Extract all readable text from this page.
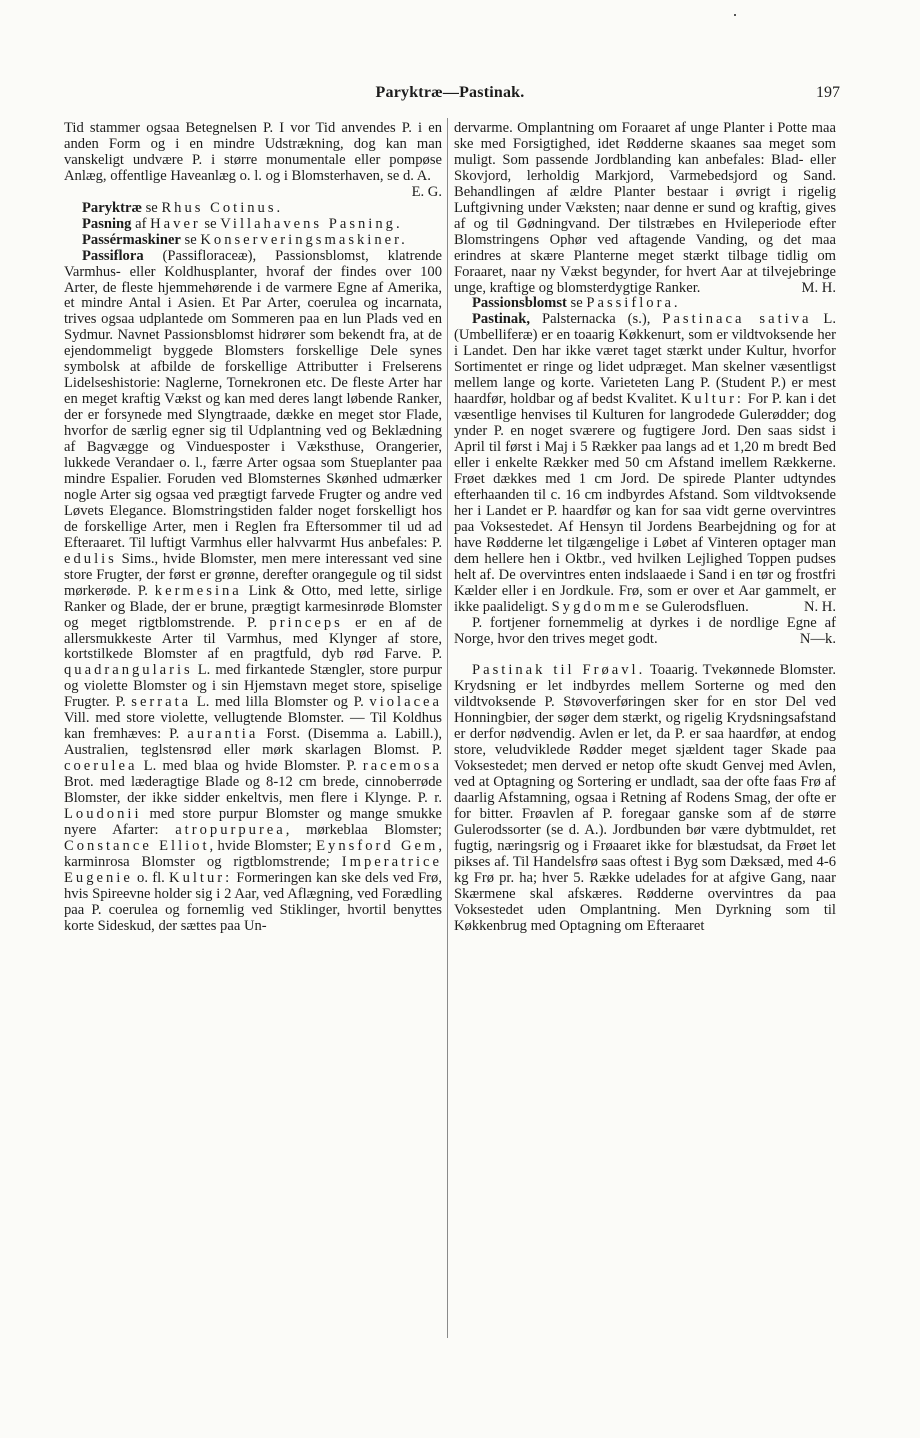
Paryktræ—Pastinak.	197

Tid stammer ogsaa Betegnelsen P. I vor Tid anvendes P. i en anden Form og i en mindre Udstrækning, dog kan man vanskeligt undvære P. i større monumentale eller pompøse Anlæg, offentlige Haveanlæg o. l. og i Blomsterhaven, se d. A.
E. G.

Paryktræ se Rhus Cotinus.

Pasning af Haver se Villahavens Pasning.

Passérmaskiner se Konserveringsmaskiner.

Passiflora (Passifloraceæ), Passionsblomst, klatrende Varmhus- eller Koldhusplanter, hvoraf der findes over 100 Arter, de fleste hjemmehørende i de varmere Egne af Amerika, et mindre Antal i Asien. Et Par Arter, coerulea og incarnata, trives ogsaa udplantede om Sommeren paa en lun Plads ved en Sydmur. Navnet Passionsblomst hidrører som bekendt fra, at de ejendommeligt byggede Blomsters forskellige Dele synes symbolsk at afbilde de forskellige Attributter i Frelserens Lidelseshistorie: Naglerne, Tornekronen etc. De fleste Arter har en meget kraftig Vækst og kan med deres langt løbende Ranker, der er forsynede med Slyngtraade, dække en meget stor Flade, hvorfor de særlig egner sig til Udplantning ved og Beklædning af Bagvægge og Vinduesposter i Væksthuse, Orangerier, lukkede Verandaer o. l., færre Arter ogsaa som Stueplanter paa mindre Espalier. Foruden ved Blomsternes Skønhed udmærker nogle Arter sig ogsaa ved prægtigt farvede Frugter og andre ved Løvets Elegance. Blomstringstiden falder noget forskelligt hos de forskellige Arter, men i Reglen fra Eftersommer til ud ad Efteraaret. Til luftigt Varmhus eller halvvarmt Hus anbefales: P. edulis Sims., hvide Blomster, men mere interessant ved sine store Frugter, der først er grønne, derefter orangegule og til sidst mørkerøde. P. kermesina Link & Otto, med lette, sirlige Ranker og Blade, der er brune, prægtigt karmesinrøde Blomster og meget rigtblomstrende. P. princeps er en af de allersmukkeste Arter til Varmhus, med Klynger af store, kortstilkede Blomster af en pragtfuld, dyb rød Farve. P. quadrangularis L. med firkantede Stængler, store purpur og violette Blomster og i sin Hjemstavn meget store, spiselige Frugter. P. serrata L. med lilla Blomster og P. violacea Vill. med store violette, vellugtende Blomster. — Til Koldhus kan fremhæves: P. aurantia Forst. (Disemma a. Labill.), Australien, teglstensrød eller mørk skarlagen Blomst. P. coerulea L. med blaa og hvide Blomster. P. racemosa Brot. med læderagtige Blade og 8-12 cm brede, cinnoberrøde Blomster, der ikke sidder enkeltvis, men flere i Klynge. P. r. Loudonii med store purpur Blomster og mange smukke nyere Afarter: atropurpurea, mørkeblaa Blomster; Constance Elliot, hvide Blomster; Eynsford Gem, karminrosa Blomster og rigtblomstrende; Imperatrice Eugenie o. fl. Kultur: Formeringen kan ske dels ved Frø, hvis Spireevne holder sig i 2 Aar, ved Aflægning, ved Forædling paa P. coerulea og fornemlig ved Stiklinger, hvortil benyttes korte Sideskud, der sættes paa Un-

dervarme. Omplantning om Foraaret af unge Planter i Potte maa ske med Forsigtighed, idet Rødderne skaanes saa meget som muligt. Som passende Jordblanding kan anbefales: Blad- eller Skovjord, lerholdig Markjord, Varmebedsjord og Sand. Behandlingen af ældre Planter bestaar i øvrigt i rigelig Luftgivning under Væksten; naar denne er sund og kraftig, gives af og til Gødningvand. Der tilstræbes en Hvileperiode efter Blomstringens Ophør ved aftagende Vanding, og det maa erindres at skære Planterne meget stærkt tilbage tidlig om Foraaret, naar ny Vækst begynder, for hvert Aar at tilvejebringe unge, kraftige og blomsterdygtige Ranker.	M. H.

Passionsblomst se Passiflora.

Pastinak, Palsternacka (s.), Pastinaca sativa L. (Umbelliferæ) er en toaarig Køkkenurt, som er vildtvoksende her i Landet. Den har ikke været taget stærkt under Kultur, hvorfor Sortimentet er ringe og lidet udpræget. Man skelner væsentligst mellem lange og korte. Varieteten Lang P. (Student P.) er mest haardfør, holdbar og af bedst Kvalitet. Kultur: For P. kan i det væsentlige henvises til Kulturen for langrodede Gulerødder; dog ynder P. en noget sværere og fugtigere Jord. Den saas sidst i April til først i Maj i 5 Rækker paa langs ad et 1,20 m bredt Bed eller i enkelte Rækker med 50 cm Afstand imellem Rækkerne. Frøet dækkes med 1 cm Jord. De spirede Planter udtyndes efterhaanden til c. 16 cm indbyrdes Afstand. Som vildtvoksende her i Landet er P. haardfør og kan for saa vidt gerne overvintres paa Voksestedet. Af Hensyn til Jordens Bearbejdning og for at have Rødderne let tilgængelige i Løbet af Vinteren optager man dem hellere hen i Oktbr., ved hvilken Lejlighed Toppen pudses helt af. De overvintres enten indslaaede i Sand i en tør og frostfri Kælder eller i en Jordkule. Frø, som er over et Aar gammelt, er ikke paalideligt. Sygdomme se Gulerodsfluen.	N. H.

P. fortjener fornemmelig at dyrkes i de nordlige Egne af Norge, hvor den trives meget godt.	N—k.

Pastinak til Frøavl. Toaarig. Tvekønnede Blomster. Krydsning er let indbyrdes mellem Sorterne og med den vildtvoksende P. Støvoverføringen sker for en stor Del ved Honningbier, der søger dem stærkt, og rigelig Krydsningsafstand er derfor nødvendig. Avlen er let, da P. er saa haardfør, at endog store, veludviklede Rødder meget sjældent tager Skade paa Voksestedet; men derved er netop ofte skudt Genvej med Avlen, ved at Optagning og Sortering er undladt, saa der ofte faas Frø af daarlig Afstamning, ogsaa i Retning af Rodens Smag, der ofte er for bitter. Frøavlen af P. foregaar ganske som af de større Gulerodssorter (se d. A.). Jordbunden bør være dybtmuldet, ret fugtig, næringsrig og i Frøaaret ikke for blæstudsat, da Frøet let pikses af. Til Handelsfrø saas oftest i Byg som Dæksæd, med 4-6 kg Frø pr. ha; hver 5. Række udelades for at afgive Gang, naar Skærmene skal afskæres. Rødderne overvintres da paa Voksestedet uden Omplantning. Men Dyrkning som til Køkkenbrug med Optagning om Efteraaret
